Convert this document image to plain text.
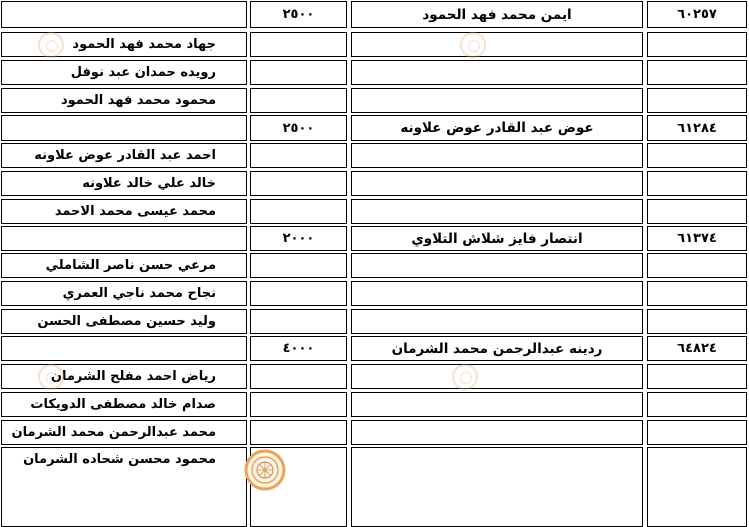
٢٥٠٠	ايمن محمد فهد الحمود	٦٠٢٥٧
جهاد محمد فهد الحمود
رويده حمدان عبد نوفل
محمود محمد فهد الحمود
٢٥٠٠	عوض عبد القادر عوض علاونه	٦١٢٨٤
احمد عبد القادر عوض علاونه
خالد علي خالد علاونه
محمد عيسى محمد الاحمد
٢٠٠٠	انتصار فايز شلاش التلاوي	٦١٣٧٤
مرعي حسن ناصر الشاملي
نجاح محمد ناجي العمري
وليد حسين مصطفى الحسن
٤٠٠٠	ردينه عبدالرحمن محمد الشرمان	٦٤٨٢٤
رياض احمد مفلح الشرمان
صدام خالد مصطفى الدويكات
محمد عبدالرحمن محمد الشرمان
محمود محسن شحاده الشرمان
